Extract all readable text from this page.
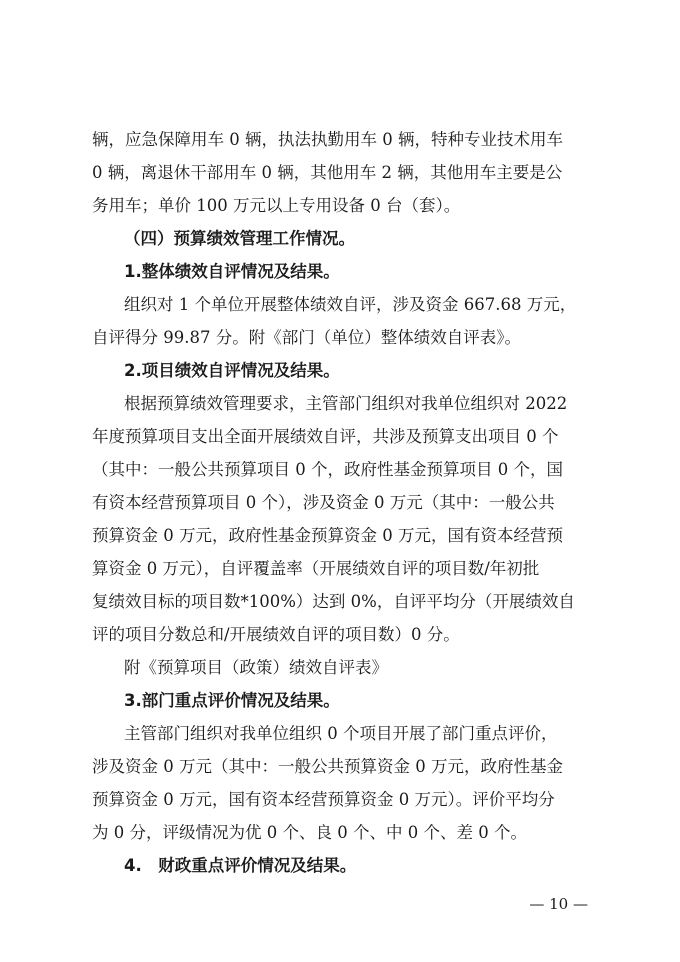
辆，应急保障用车 0 辆，执法执勤用车 0 辆，特种专业技术用车
0 辆，离退休干部用车 0 辆，其他用车 2 辆，其他用车主要是公
务用车；单价 100 万元以上专用设备 0 台（套）。
（四）预算绩效管理工作情况。
1.整体绩效自评情况及结果。
组织对 1 个单位开展整体绩效自评，涉及资金 667.68 万元，
自评得分 99.87 分。附《部门（单位）整体绩效自评表》。
2.项目绩效自评情况及结果。
根据预算绩效管理要求，主管部门组织对我单位组织对 2022
年度预算项目支出全面开展绩效自评，共涉及预算支出项目 0 个
（其中：一般公共预算项目 0 个，政府性基金预算项目 0 个，国
有资本经营预算项目 0 个），涉及资金 0 万元（其中：一般公共
预算资金 0 万元，政府性基金预算资金 0 万元，国有资本经营预
算资金 0 万元），自评覆盖率（开展绩效自评的项目数/年初批
复绩效目标的项目数*100%）达到 0%，自评平均分（开展绩效自
评的项目分数总和/开展绩效自评的项目数）0 分。
附《预算项目（政策）绩效自评表》
3.部门重点评价情况及结果。
主管部门组织对我单位组织 0 个项目开展了部门重点评价，
涉及资金 0 万元（其中：一般公共预算资金 0 万元，政府性基金
预算资金 0 万元，国有资本经营预算资金 0 万元）。评价平均分
为 0 分，评级情况为优 0 个、良 0 个、中 0 个、差 0 个。
4.　财政重点评价情况及结果。
— 10 —
